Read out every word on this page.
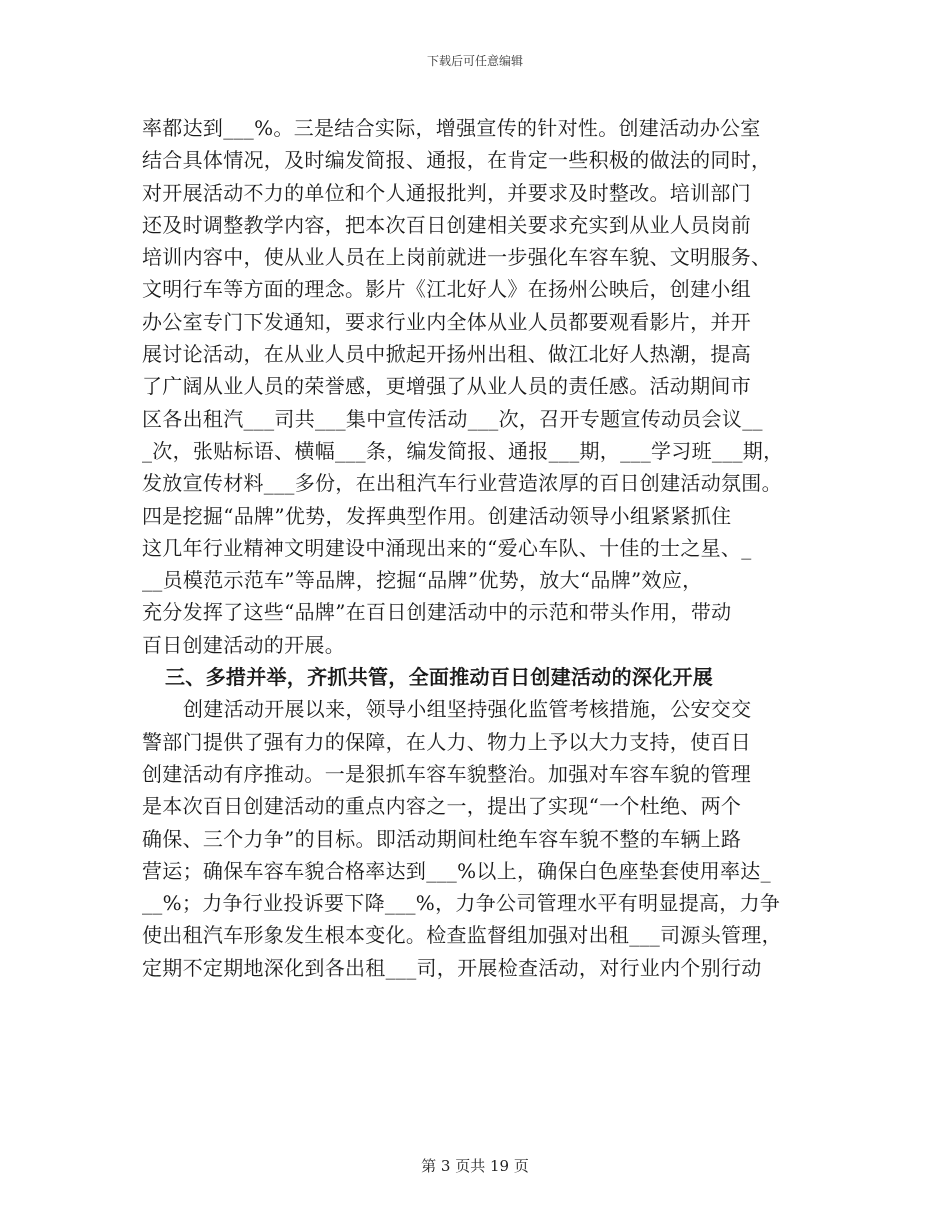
下载后可任意编辑
率都达到___%。三是结合实际，增强宣传的针对性。创建活动办公室
结合具体情况，及时编发简报、通报，在肯定一些积极的做法的同时，
对开展活动不力的单位和个人通报批判，并要求及时整改。培训部门
还及时调整教学内容，把本次百日创建相关要求充实到从业人员岗前
培训内容中，使从业人员在上岗前就进一步强化车容车貌、文明服务、
文明行车等方面的理念。影片《江北好人》在扬州公映后，创建小组
办公室专门下发通知，要求行业内全体从业人员都要观看影片，并开
展讨论活动，在从业人员中掀起开扬州出租、做江北好人热潮，提高
了广阔从业人员的荣誉感，更增强了从业人员的责任感。活动期间市
区各出租汽___司共___集中宣传活动___次，召开专题宣传动员会议__
_次，张贴标语、横幅___条，编发简报、通报___期，___学习班___期，
发放宣传材料___多份，在出租汽车行业营造浓厚的百日创建活动氛围。
四是挖掘“品牌”优势，发挥典型作用。创建活动领导小组紧紧抓住
这几年行业精神文明建设中涌现出来的“爱心车队、十佳的士之星、_
__员模范示范车”等品牌，挖掘“品牌”优势，放大“品牌”效应，
充分发挥了这些“品牌”在百日创建活动中的示范和带头作用，带动
百日创建活动的开展。
三、多措并举，齐抓共管，全面推动百日创建活动的深化开展
创建活动开展以来，领导小组坚持强化监管考核措施，公安交交
警部门提供了强有力的保障，在人力、物力上予以大力支持，使百日
创建活动有序推动。一是狠抓车容车貌整治。加强对车容车貌的管理
是本次百日创建活动的重点内容之一，提出了实现“一个杜绝、两个
确保、三个力争”的目标。即活动期间杜绝车容车貌不整的车辆上路
营运；确保车容车貌合格率达到___%以上，确保白色座垫套使用率达_
__%；力争行业投诉要下降___%，力争公司管理水平有明显提高，力争
使出租汽车形象发生根本变化。检查监督组加强对出租___司源头管理，
定期不定期地深化到各出租___司，开展检查活动，对行业内个别行动
第 3 页共 19 页
